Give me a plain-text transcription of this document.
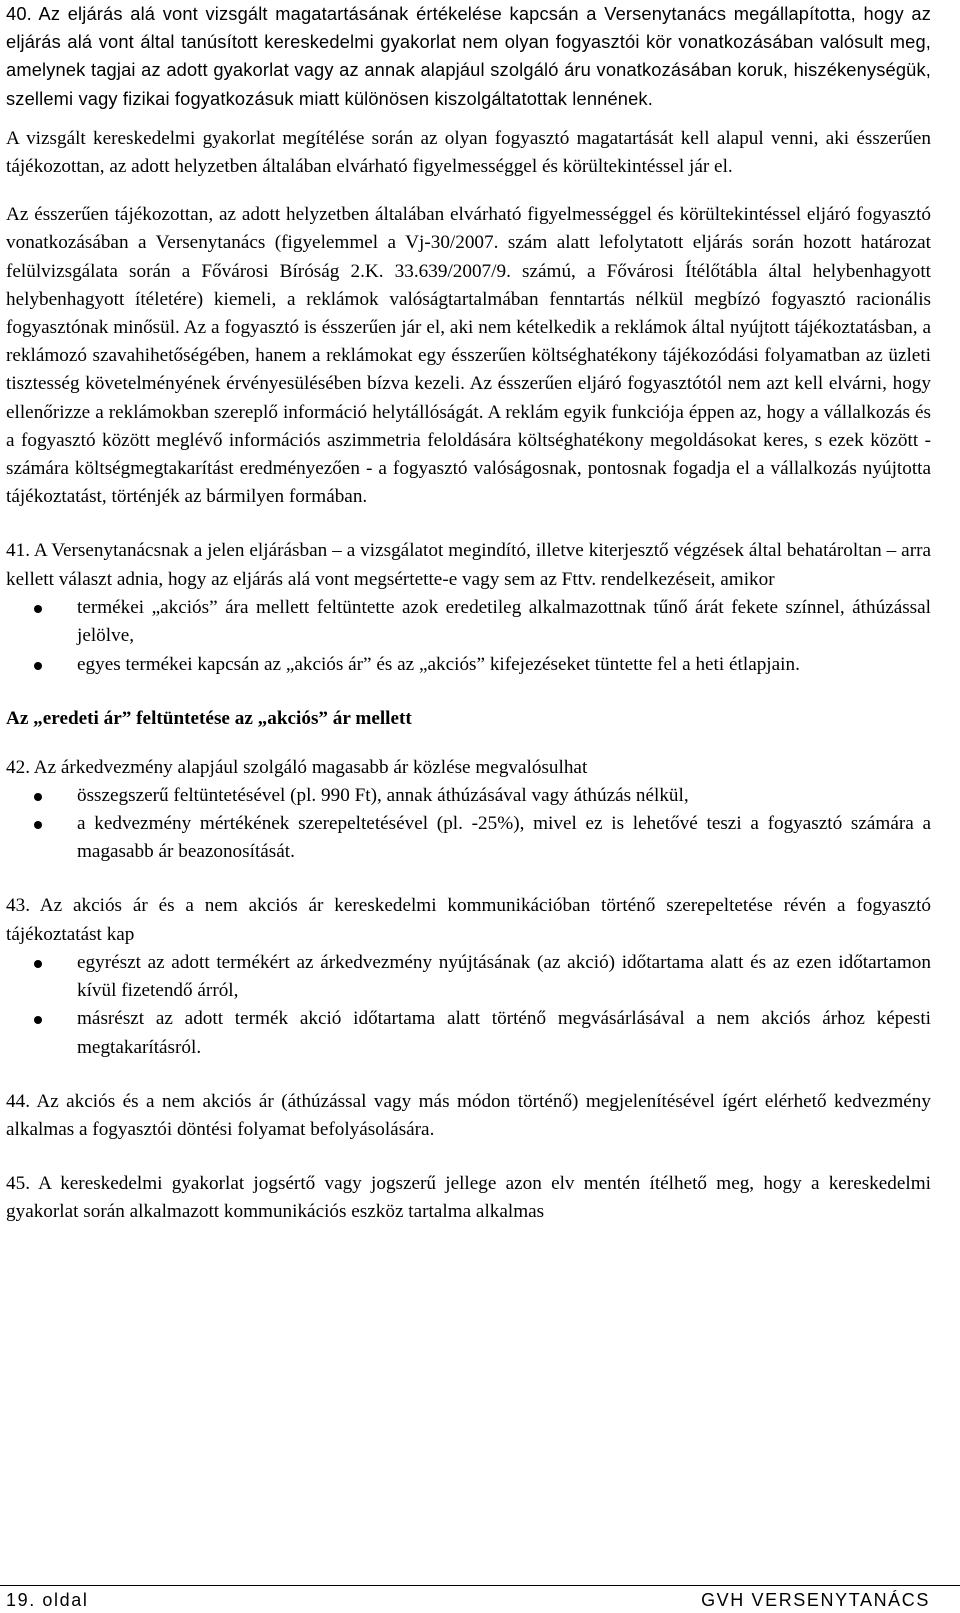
40. Az eljárás alá vont vizsgált magatartásának értékelése kapcsán a Versenytanács megállapította, hogy az eljárás alá vont által tanúsított kereskedelmi gyakorlat nem olyan fogyasztói kör vonatkozásában valósult meg, amelynek tagjai az adott gyakorlat vagy az annak alapjául szolgáló áru vonatkozásában koruk, hiszékenységük, szellemi vagy fizikai fogyatkozásuk miatt különösen kiszolgáltatottak lennének.

A vizsgált kereskedelmi gyakorlat megítélése során az olyan fogyasztó magatartását kell alapul venni, aki ésszerűen tájékozottan, az adott helyzetben általában elvárható figyelmességgel és körültekintéssel jár el.

Az ésszerűen tájékozottan, az adott helyzetben általában elvárható figyelmességgel és körültekintéssel eljáró fogyasztó vonatkozásában a Versenytanács (figyelemmel a Vj-30/2007. szám alatt lefolytatott eljárás során hozott határozat felülvizsgálata során a Fővárosi Bíróság 2.K. 33.639/2007/9. számú, a Fővárosi Ítélőtábla által helybenhagyott helybenhagyott ítéletére) kiemeli, a reklámok valóságtartalmában fenntartás nélkül megbízó fogyasztó racionális fogyasztónak minősül. Az a fogyasztó is ésszerűen jár el, aki nem kételkedik a reklámok által nyújtott tájékoztatásban, a reklámozó szavahihetőségében, hanem a reklámokat egy ésszerűen költséghatékony tájékozódási folyamatban az üzleti tisztesség követelményének érvényesülésében bízva kezeli. Az ésszerűen eljáró fogyasztótól nem azt kell elvárni, hogy ellenőrizze a reklámokban szereplő információ helytállóságát. A reklám egyik funkciója éppen az, hogy a vállalkozás és a fogyasztó között meglévő információs aszimmetria feloldására költséghatékony megoldásokat keres, s ezek között - számára költségmegtakarítást eredményezően - a fogyasztó valóságosnak, pontosnak fogadja el a vállalkozás nyújtotta tájékoztatást, történjék az bármilyen formában.

41. A Versenytanácsnak a jelen eljárásban – a vizsgálatot megindító, illetve kiterjesztő végzések által behatároltan – arra kellett választ adnia, hogy az eljárás alá vont megsértette-e vagy sem az Fttv. rendelkezéseit, amikor

termékei „akciós” ára mellett feltüntette azok eredetileg alkalmazottnak tűnő árát fekete színnel, áthúzással jelölve,
egyes termékei kapcsán az „akciós ár” és az „akciós” kifejezéseket tüntette fel a heti étlapjain.

Az „eredeti ár” feltüntetése az „akciós” ár mellett

42. Az árkedvezmény alapjául szolgáló magasabb ár közlése megvalósulhat

összegszerű feltüntetésével (pl. 990 Ft), annak áthúzásával vagy áthúzás nélkül,
a kedvezmény mértékének szerepeltetésével (pl. -25%), mivel ez is lehetővé teszi a fogyasztó számára a magasabb ár beazonosítását.

43. Az akciós ár és a nem akciós ár kereskedelmi kommunikációban történő szerepeltetése révén a fogyasztó tájékoztatást kap

egyrészt az adott termékért az árkedvezmény nyújtásának (az akció) időtartama alatt és az ezen időtartamon kívül fizetendő árról,
másrészt az adott termék akció időtartama alatt történő megvásárlásával a nem akciós árhoz képesti megtakarításról.

44. Az akciós és a nem akciós ár (áthúzással vagy más módon történő) megjelenítésével ígért elérhető kedvezmény alkalmas a fogyasztói döntési folyamat befolyásolására.

45. A kereskedelmi gyakorlat jogsértő vagy jogszerű jellege azon elv mentén ítélhető meg, hogy a kereskedelmi gyakorlat során alkalmazott kommunikációs eszköz tartalma alkalmas

19. oldal	GVH VERSENYTANÁCS
